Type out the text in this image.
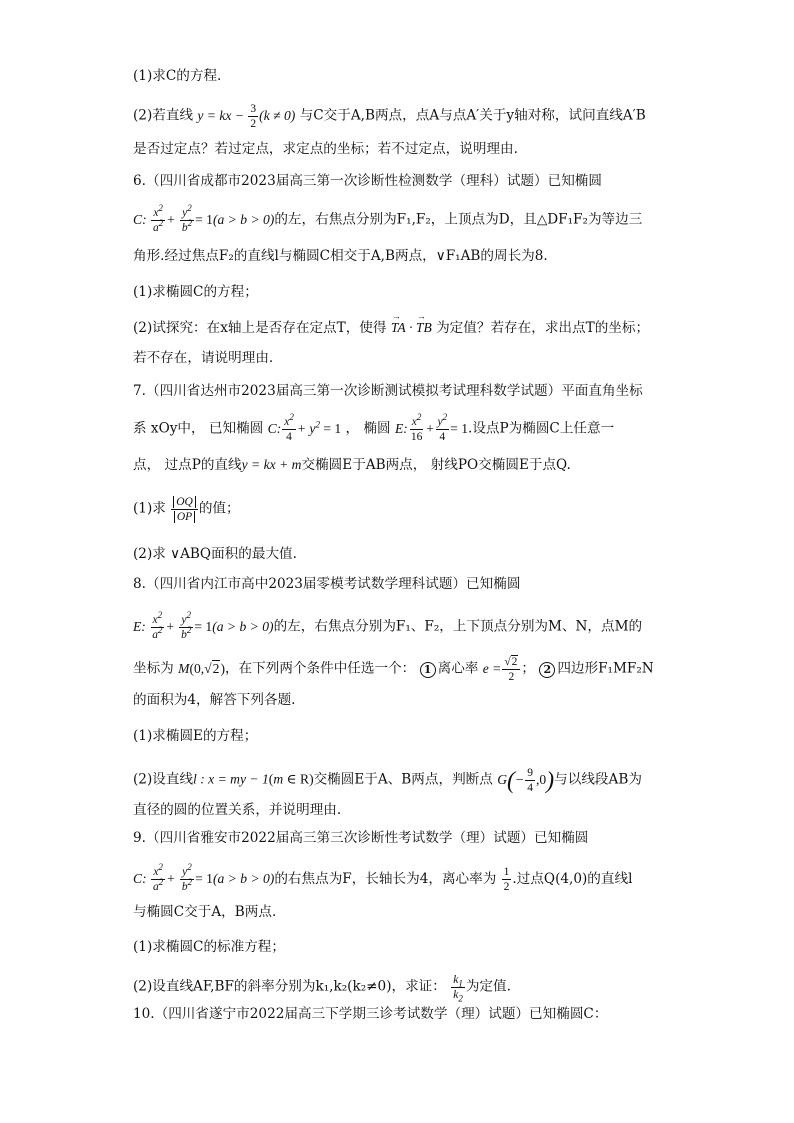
(1)求C的方程.
(2)若直线 y = kx − $\frac{3}{2} (k \ne 0)$ 与C交于A,B两点，点A与点A′关于y轴对称，试问直线A′B
是否过定点？若过定点，求定点的坐标；若不过定点，说明理由.
6.（四川省成都市2023届高三第一次诊断性检测数学（理科）试题）已知椭圆
C: $\frac{x^2}{a^2} + \frac{y^2}{b^2} = 1(a > b > 0)$的左，右焦点分别为F₁,F₂，上顶点为D，且△DF₁F₂为等边三
角形.经过焦点F₂的直线l与椭圆C相交于A,B两点，∨F₁AB的周长为8.
(1)求椭圆C的方程；
(2)试探究：在x轴上是否存在定点T，使得 → TA · → TB 为定值？若存在，求出点T的坐标；
若不存在，请说明理由.
7.（四川省达州市2023届高三第一次诊断测试模拟考试理科数学试题）平面直角坐标
系 xOy中， 已知椭圆 C: $\frac{x^2}{4} + y^2 = 1$ ， 椭圆 E: $\frac{x^2}{16} + \frac{y^2}{4} = 1$.设点P为椭圆C上任意一
点， 过点P的直线y = kx + m交椭圆E于AB两点， 射线PO交椭圆E于点Q.
(1)求 $\frac{OQ}{OP}$ 的值；
(2)求 ∨ABQ面积的最大值.
8.（四川省内江市高中2023届零模考试数学理科试题）已知椭圆
E: $\frac{x^2}{a^2} + \frac{y^2}{b^2} = 1(a > b > 0)$的左，右焦点分别为F₁、F₂，上下顶点分别为M、N，点M的
坐标为 M(0,√2)，在下列两个条件中任选一个： 1 离心率 $e = \frac{√2}{2}$ ； 2 四边形F₁MF₂N
的面积为4，解答下列各题.
(1)求椭圆E的方程；
(2)设直线l : x = my − 1(m ∈ R)交椭圆E于A、B两点，判断点 $G(- \frac{9}{4} ,0)$与以线段AB为
直径的圆的位置关系，并说明理由.
9.（四川省雅安市2022届高三第三次诊断性考试数学（理）试题）已知椭圆
C: $\frac{x^2}{a^2} + \frac{y^2}{b^2} = 1(a > b > 0)$的右焦点为F，长轴长为4，离心率为 $\frac{1}{2}$ .过点Q(4,0)的直线l
与椭圆C交于A，B两点.
(1)求椭圆C的标准方程；
(2)设直线AF,BF的斜率分别为k₁,k₂(k₂≠0)，求证： $\frac{k_1}{k_2}$ 为定值.
10.（四川省遂宁市2022届高三下学期三诊考试数学（理）试题）已知椭圆C：
